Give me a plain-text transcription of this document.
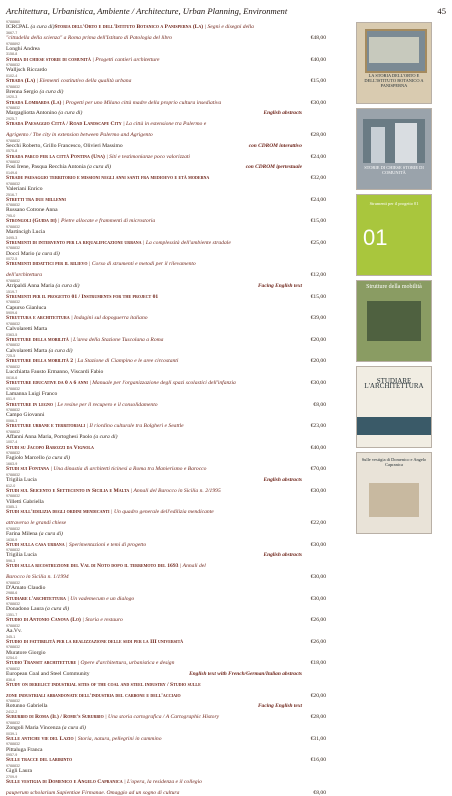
Architettura, Urbanistica, Ambiente / Architecture, Urban Planning, Environment	45
9788860
ICRCPAL (a cura di)Storia dell'Orto e dell'Istituto Botanico a Panisperna (La) | Segni e disegni della
3667-7
"cittadella della scienza" a Roma prima dell'Istituto di Patologia del libro	€48,00
9788892
Longhi Andrea
3158-8
Storia di chiese storie di comunità | Progetti cantieri architetture	€40,00
9788832
Walljsch Riccardo
0102-4
Strada (La) | Elementi costitutivo della qualità urbana	€15,00
9788832
Brenna Sergio (a cura di)
1920-3
Strada Lombarda (La) | Progetti per uno Milano città madre della proprio cultura insediativa	€30,00
9788832
Margagliotta Antonino (a cura di)	English abstracts
2925-7
Strada Paesaggio Città / Road Landscape City | La città in estensione tra Palermo e
Agrigento / The city in extension between Palermo and Agrigento	€28,00
9788832
Secchi Roberto, Grillo Francesco, Olivieri Massimo	con CDROM interattivo
0575-8
Strada parco per la città Pontina (Una) | Siti e testimonianze poco valorizzati	€24,00
9788832
Fosi Irene, Pasqua Recchia Antonia (a cura di)	con CDROM ipertestuale
0149-6
Strade paesaggio territorio e missioni negli anni santi fra medioevo e età moderna	€32,00
9788832
Valeriani Enrico
2516-7
Stretti tra due millenni	€24,00
9788832
Russano Cotrone Anna
795-0
Strongoli (Guida di) | Pietre allocate e frammenti di microstoria	€15,00
9788832
Martincigh Lucia
3495-3
Strumenti di intervento per la riqualificazione urbana | La complessità dell'ambiente stradale	€25,00
9788832
Docci Mario (a cura di)
0072-5
Strumenti didattici per il rilievo | Corso di strumenti e metodi per il rilevamento
dell'architettura	€12,00
9788832
Atripaldi Anna Maria (a cura di)	Facing English text
1519-7
Strumenti per il progetto 01 / Instruments for the project 01	€15,00
9788832
Capurso Gianluca
5909-6
Struttura e architettura | Indagini sul dopoguerra italiano	€39,00
9788832
Calvolaretti Marta
0363-5
Strutture della mobilità | L'area della Stazione Tuscolana a Roma	€20,00
9788832
Calvolaretti Marta (a cura di)
725-5
Strutture della mobilità 2 | La Stazione di Ciampino e le aree circostanti	€20,00
9788832
Lucchiatta Fausto Ermanno, Viscardi Fabio
0616-6
Strutture educative da 0 a 6 anni | Manuale per l'organizzazione degli spazi scolastici dell'infanzia	€30,00
9788832
Lamanna Luigi Franco
651-9
Strutture in legno | Le resine per il recupero e il consolidamento	€8,00
9788832
Campo Giovanni
0066-3
Strutture urbane e territoriali | Il riordino culturale tra Bolgheri e Seattle	€23,00
9788832
Affanni Anna Maria, Portoghesi Paolo (a cura di)
1007-4
Studi su Jacopo Barozzi da Vignola	€40,00
9788832
Fagiolo Marcello (a cura di)
1663-9
Studi sui Fontana | Una dinastia di architetti ticinesi a Roma tra Manierismo e Barocco	€70,00
9788832
Trigilia Lucia	English abstracts
612-0
Studi sul Seicento e Settecento in Sicilia e Malta | Annali del Barocco in Sicilia n. 2/1995	€30,00
9788832
Villetti Gabriella
0385-1
Studi sull'edilizia degli ordini mendicanti | Un quadro generale dell'edilizia mendicante
attraverso le grandi chiese	€22,00
9788832
Farina Milena (a cura di)
1638-9
Studi sulla casa urbana | Sperimentazioni e temi di progetto	€30,00
9788832
Trigilia Lucia	English abstracts
596-3
Studi sulla ricostruzione del Val di Noto dopo il terremoto del 1693 | Annali del
Barocco in Sicilia n. 1/1994	€30,00
9788832
D'Amato Claudio
2988-6
Studiare l'architettura | Un vademecum e un dialogo	€30,00
9788832
Donadono Laura (a cura di)
1351-7
Studio di Antonio Canova (Lo) | Storia e restauro	€26,00
9788832
Aa.Vv.
345-1
Studio di fattibilità per la realizzazione delle sedi per la III università	€26,00
9788832
Muratore Giorgio
0254-0
Studio Transit architetture | Opere d'architettura, urbanistica e design	€18,00
9788832
European Coal and Steel Community	English text with French/German/Italian abstracts
836-6
Study on derelict industrial sites of the coal and steel industry / Studio sulle
zone industriali abbandonate dell'industria del carbone e dell'acciaio	€20,00
9788832
Rotunno Gabriella	Facing English text
2412-2
Suburbio di Roma (Il) / Rome's Suburbio | Una storia cartografica / A Cartographic History	€28,00
9788832
Zongoli Maria Vincenza (a cura di)
0039-1
Sulle antiche vie del Lazio | Storia, natura, pellegrini in cammino	€31,00
9788832
Pittaluga Franca
0957-9
Sulle tracce del labirinto	€16,00
9788832
Gigli Laura
2709-9
Sulle vestigia di Domenico e Angelo Capranica | L'opera, la residenza e il collegio
pauperum scholarium Sapientiae Firmanae. Omaggio ad un sogno di cultura	€8,00
LA STORIA DELL'ORTO E DELL'ISTITUTO BOTANICO A PANISPERNA
STORIE DI CHIESE STORIE DI COMUNITÀ
Strumenti per il progetto 01
01
Strutture della mobilità
STUDIARE L'ARCHITETTURA
Sulle vestigia di Domenico e Angelo Capranica
